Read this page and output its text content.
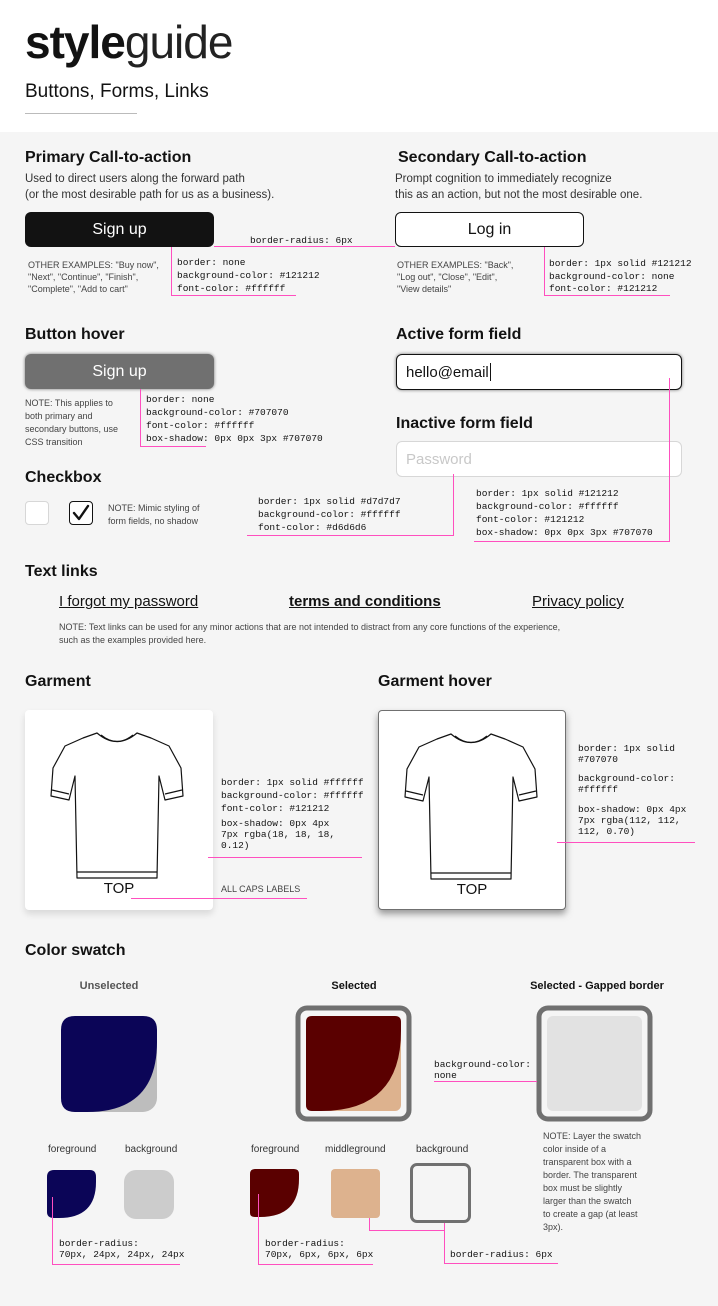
styleguide
Buttons, Forms, Links
Primary Call-to-action
Used to direct users along the forward path
(or the most desirable path for us as a business).
Sign up
OTHER EXAMPLES: "Buy now",
"Next", "Continue", "Finish",
"Complete", "Add to cart"
border: none
background-color: #121212
font-color: #ffffff
border-radius: 6px
Secondary Call-to-action
Prompt cognition to immediately recognize
this as an action, but not the most desirable one.
Log in
OTHER EXAMPLES: "Back",
"Log out", "Close", "Edit",
"View details"
border: 1px solid #121212
background-color: none
font-color: #121212
Button hover
Sign up
NOTE: This applies to
both primary and
secondary buttons, use
CSS transition
border: none
background-color: #707070
font-color: #ffffff
box-shadow: 0px 0px 3px #707070
Active form field
hello@email
Inactive form field
Password
border: 1px solid #d7d7d7
background-color: #ffffff
font-color: #d6d6d6
border: 1px solid #121212
background-color: #ffffff
font-color: #121212
box-shadow: 0px 0px 3px #707070
Checkbox
NOTE: Mimic styling of
form fields, no shadow
Text links
I forgot my password	terms and conditions	Privacy policy
NOTE: Text links can be used for any minor actions that are not intended to distract from any core functions of the experience,
such as the examples provided here.
Garment
TOP
border: 1px solid #ffffff
background-color: #ffffff
font-color: #121212
box-shadow: 0px 4px
7px rgba(18, 18, 18,
0.12)
ALL CAPS LABELS
Garment hover
TOP
border: 1px solid
#707070
background-color:
#ffffff
box-shadow: 0px 4px
7px rgba(112, 112,
112, 0.70)
Color swatch
Unselected	Selected	Selected - Gapped border
background-color:
none
NOTE: Layer the swatch
color inside of a
transparent box with a
border. The transparent
box must be slightly
larger than the swatch
to create a gap (at least
3px).
foreground	background
border-radius:
70px, 24px, 24px, 24px
foreground	middleground	background
border-radius:
70px, 6px, 6px, 6px	border-radius: 6px
